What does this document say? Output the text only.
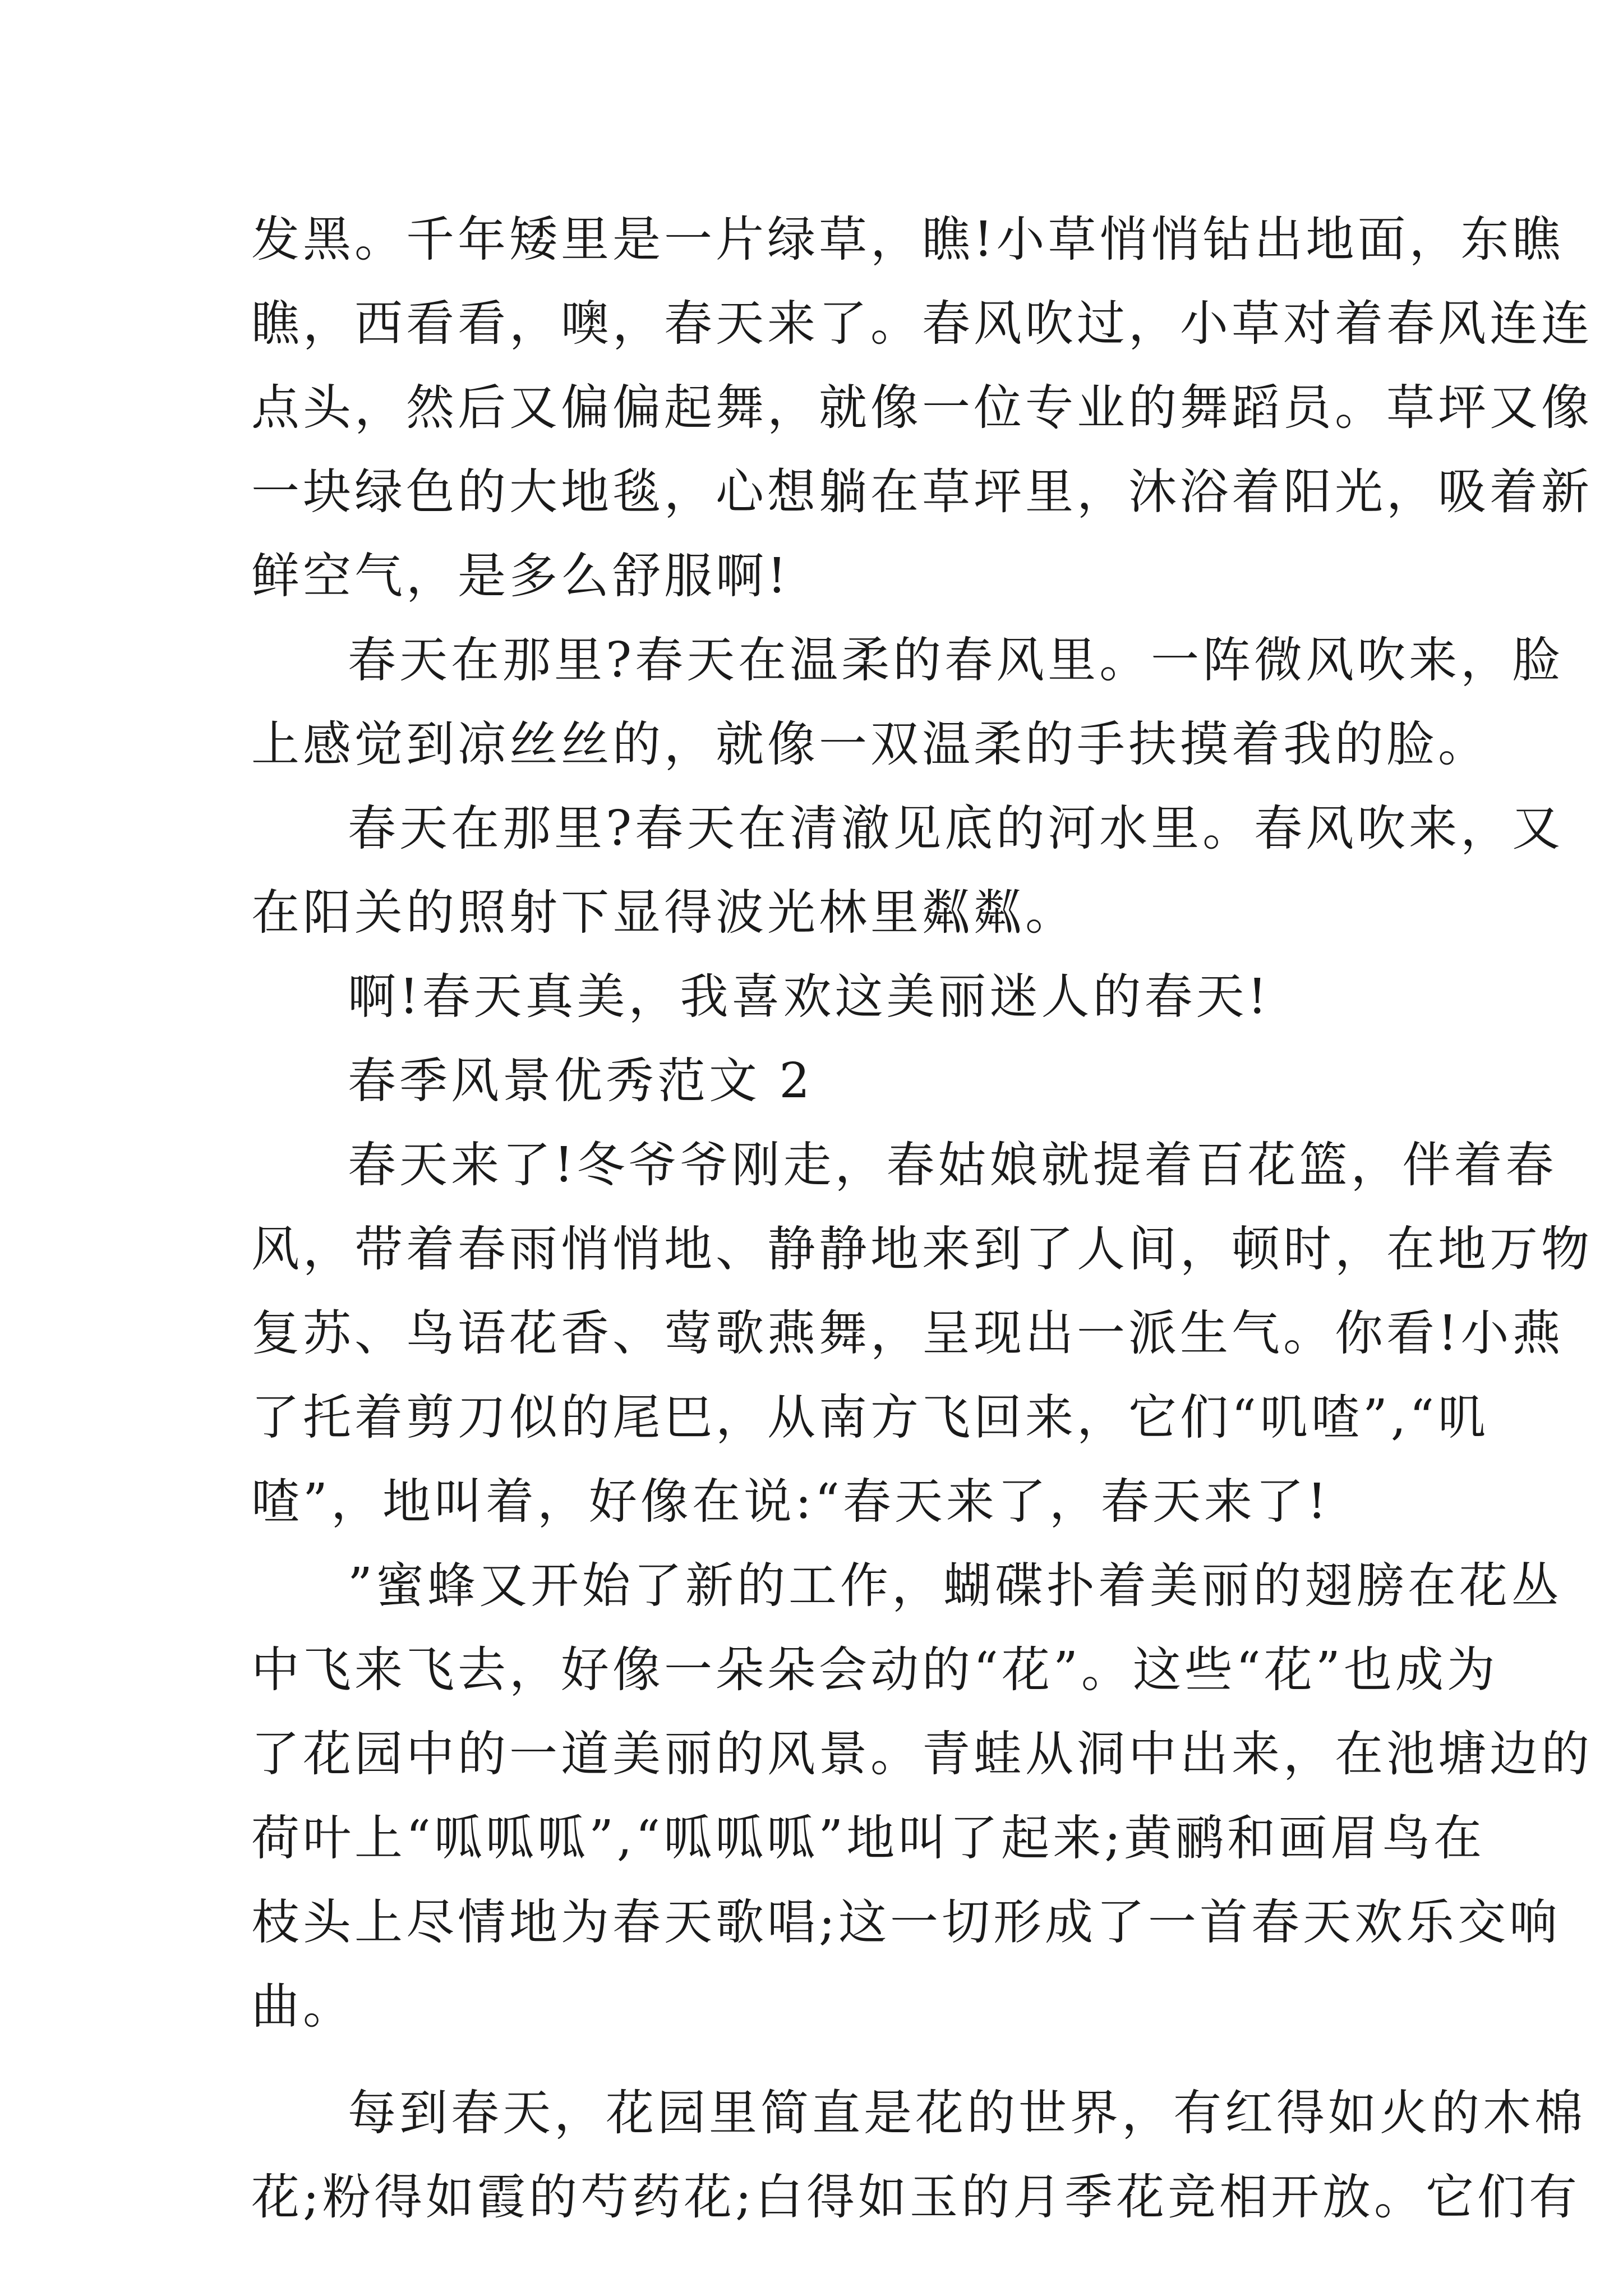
发黑。千年矮里是一片绿草，瞧!小草悄悄钻出地面，东瞧
瞧，西看看，噢，春天来了。春风吹过，小草对着春风连连
点头，然后又偏偏起舞，就像一位专业的舞蹈员。草坪又像
一块绿色的大地毯，心想躺在草坪里，沐浴着阳光，吸着新
鲜空气，是多么舒服啊!
春天在那里?春天在温柔的春风里。一阵微风吹来，脸
上感觉到凉丝丝的，就像一双温柔的手扶摸着我的脸。
春天在那里?春天在清澈见底的河水里。春风吹来，又
在阳关的照射下显得波光林里粼粼。
啊!春天真美，我喜欢这美丽迷人的春天!
春季风景优秀范文 2
春天来了!冬爷爷刚走，春姑娘就提着百花篮，伴着春
风，带着春雨悄悄地、静静地来到了人间，顿时，在地万物
复苏、鸟语花香、莺歌燕舞，呈现出一派生气。你看!小燕
了托着剪刀似的尾巴，从南方飞回来，它们“叽喳”,“叽
喳”，地叫着，好像在说:“春天来了，春天来了!
”蜜蜂又开始了新的工作，蝴碟扑着美丽的翅膀在花丛
中飞来飞去，好像一朵朵会动的“花”。这些“花”也成为
了花园中的一道美丽的风景。青蛙从洞中出来，在池塘边的
荷叶上“呱呱呱”,“呱呱呱”地叫了起来;黄鹂和画眉鸟在
枝头上尽情地为春天歌唱;这一切形成了一首春天欢乐交响
曲。
每到春天，花园里简直是花的世界，有红得如火的木棉
花;粉得如霞的芍药花;白得如玉的月季花竞相开放。它们有
